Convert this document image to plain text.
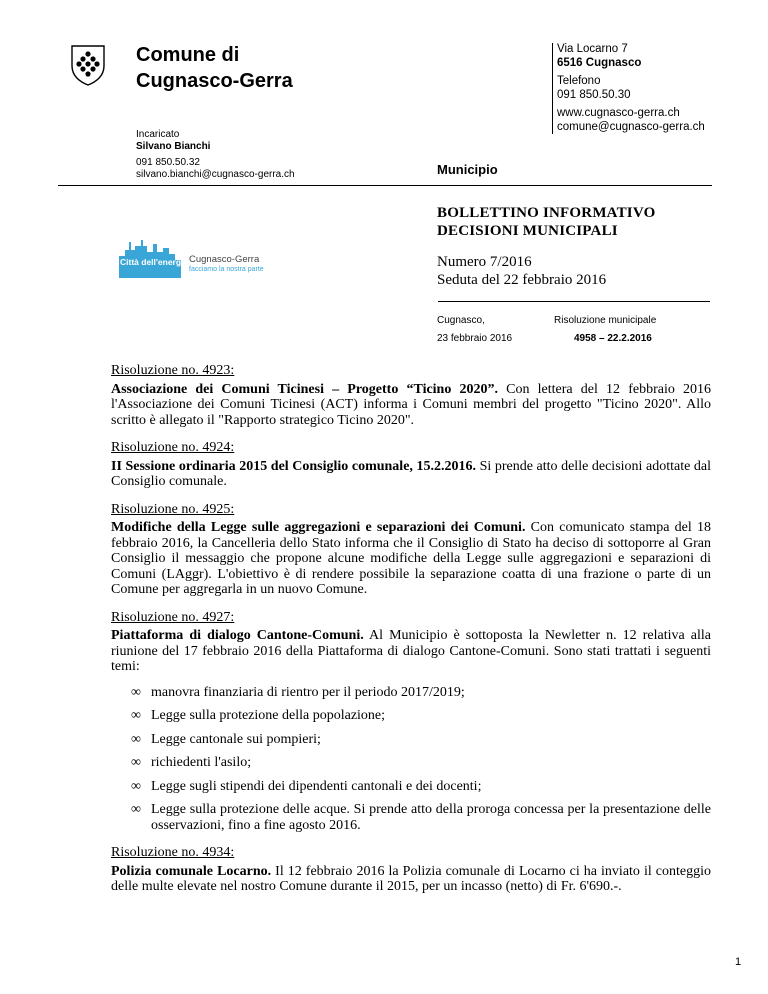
Comune di
Cugnasco-Gerra
Via Locarno 7
6516 Cugnasco
Telefono
091 850.50.30
www.cugnasco-gerra.ch
comune@cugnasco-gerra.ch
Incaricato
Silvano Bianchi
091 850.50.32
silvano.bianchi@cugnasco-gerra.ch	Municipio
Città dell'energia Cugnasco-Gerra
facciamo la nostra parte
BOLLETTINO INFORMATIVO
DECISIONI MUNICIPALI
Numero 7/2016
Seduta del 22 febbraio 2016
Cugnasco,
23 febbraio 2016
Risoluzione municipale
4958 – 22.2.2016
Risoluzione no. 4923:
Associazione dei Comuni Ticinesi – Progetto “Ticino 2020”. Con lettera del 12 febbraio 2016 l'Associazione dei Comuni Ticinesi (ACT) informa i Comuni membri del progetto "Ticino 2020". Allo scritto è allegato il "Rapporto strategico Ticino 2020".
Risoluzione no. 4924:
II Sessione ordinaria 2015 del Consiglio comunale, 15.2.2016. Si prende atto delle decisioni adottate dal Consiglio comunale.
Risoluzione no. 4925:
Modifiche della Legge sulle aggregazioni e separazioni dei Comuni. Con comunicato stampa del 18 febbraio 2016, la Cancelleria dello Stato informa che il Consiglio di Stato ha deciso di sottoporre al Gran Consiglio il messaggio che propone alcune modifiche della Legge sulle aggregazioni e separazioni di Comuni (LAggr). L'obiettivo è di rendere possibile la separazione coatta di una frazione o parte di un Comune per aggregarla in un nuovo Comune.
Risoluzione no. 4927:
Piattaforma di dialogo Cantone-Comuni. Al Municipio è sottoposta la Newletter n. 12 relativa alla riunione del 17 febbraio 2016 della Piattaforma di dialogo Cantone-Comuni. Sono stati trattati i seguenti temi:
∞ manovra finanziaria di rientro per il periodo 2017/2019;
∞ Legge sulla protezione della popolazione;
∞ Legge cantonale sui pompieri;
∞ richiedenti l'asilo;
∞ Legge sugli stipendi dei dipendenti cantonali e dei docenti;
∞ Legge sulla protezione delle acque. Si prende atto della proroga concessa per la presentazione delle osservazioni, fino a fine agosto 2016.
Risoluzione no. 4934:
Polizia comunale Locarno. Il 12 febbraio 2016 la Polizia comunale di Locarno ci ha inviato il conteggio delle multe elevate nel nostro Comune durante il 2015, per un incasso (netto) di Fr. 6'690.-.
1
